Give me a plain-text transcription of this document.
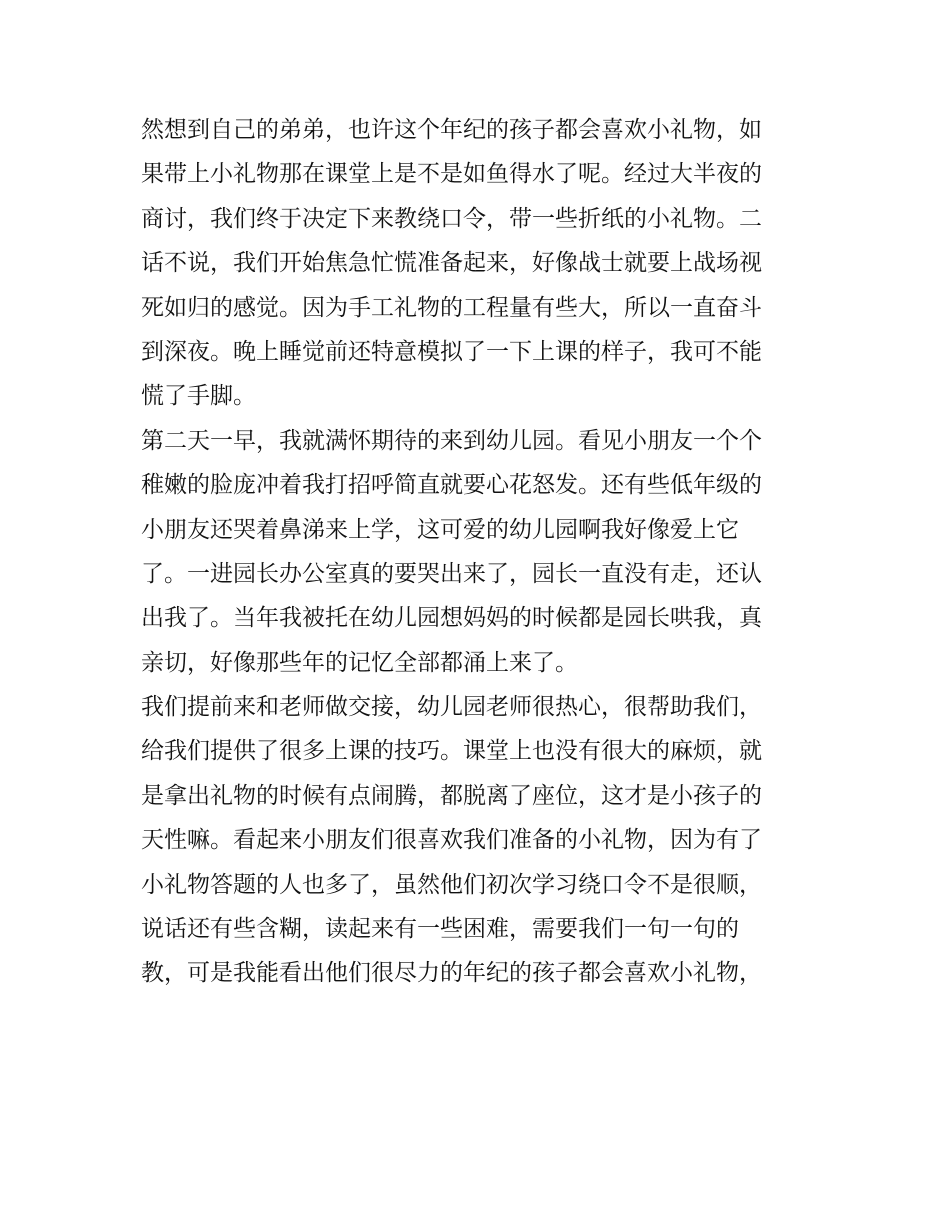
然想到自己的弟弟，也许这个年纪的孩子都会喜欢小礼物，如
果带上小礼物那在课堂上是不是如鱼得水了呢。经过大半夜的
商讨，我们终于决定下来教绕口令，带一些折纸的小礼物。二
话不说，我们开始焦急忙慌准备起来，好像战士就要上战场视
死如归的感觉。因为手工礼物的工程量有些大，所以一直奋斗
到深夜。晚上睡觉前还特意模拟了一下上课的样子，我可不能
慌了手脚。
第二天一早，我就满怀期待的来到幼儿园。看见小朋友一个个
稚嫩的脸庞冲着我打招呼简直就要心花怒发。还有些低年级的
小朋友还哭着鼻涕来上学，这可爱的幼儿园啊我好像爱上它
了。一进园长办公室真的要哭出来了，园长一直没有走，还认
出我了。当年我被托在幼儿园想妈妈的时候都是园长哄我，真
亲切，好像那些年的记忆全部都涌上来了。
我们提前来和老师做交接，幼儿园老师很热心，很帮助我们，
给我们提供了很多上课的技巧。课堂上也没有很大的麻烦，就
是拿出礼物的时候有点闹腾，都脱离了座位，这才是小孩子的
天性嘛。看起来小朋友们很喜欢我们准备的小礼物，因为有了
小礼物答题的人也多了，虽然他们初次学习绕口令不是很顺，
说话还有些含糊，读起来有一些困难，需要我们一句一句的
教，可是我能看出他们很尽力的年纪的孩子都会喜欢小礼物，
